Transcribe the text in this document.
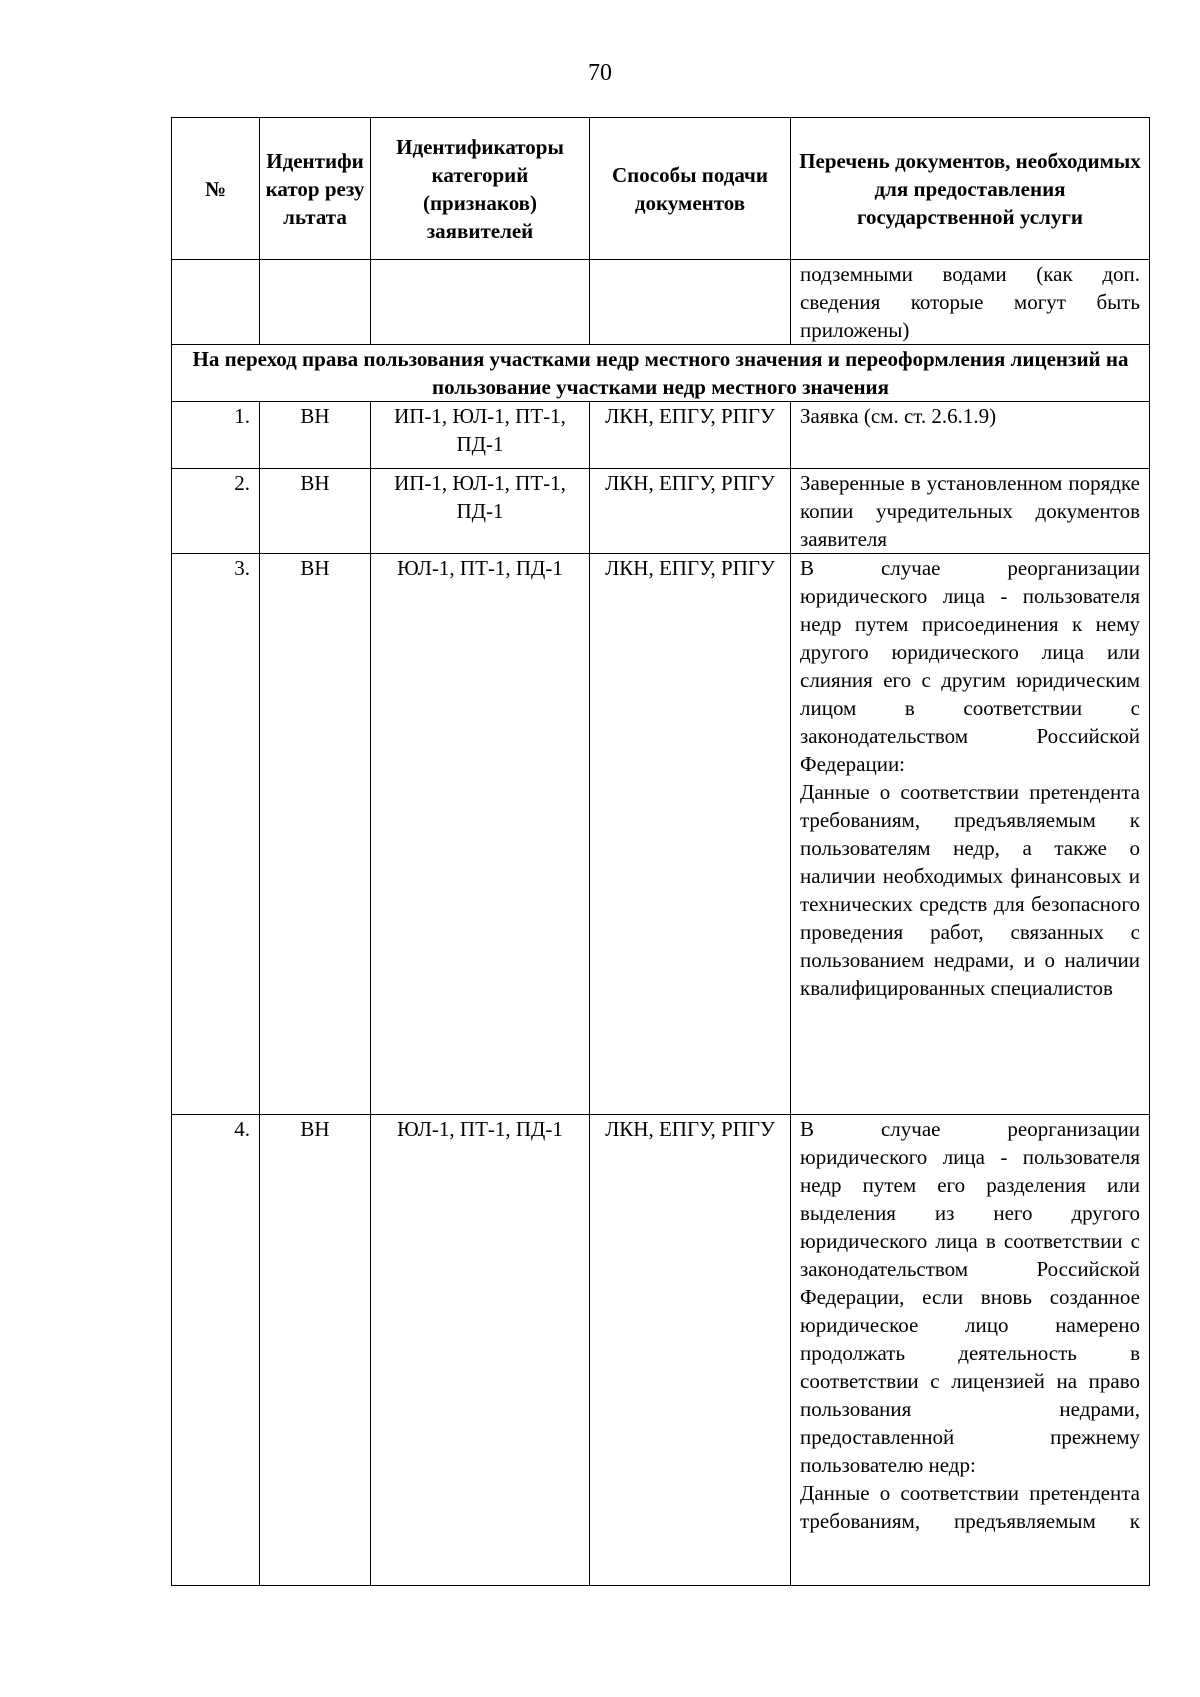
70
№	Идентификатор результата	Идентификаторы категорий (признаков) заявителей	Способы подачи документов	Перечень документов, необходимых для предоставления государственной услуги
				подземными водами (как доп. сведения которые могут быть приложены)
На переход права пользования участками недр местного значения и переоформления лицензий на пользование участками недр местного значения				
1.	ВН	ИП-1, ЮЛ-1, ПТ-1, ПД-1	ЛКН, ЕПГУ, РПГУ	Заявка (см. ст. 2.6.1.9)
2.	ВН	ИП-1, ЮЛ-1, ПТ-1, ПД-1	ЛКН, ЕПГУ, РПГУ	Заверенные в установленном порядке копии учредительных документов заявителя
3.	ВН	ЮЛ-1, ПТ-1, ПД-1	ЛКН, ЕПГУ, РПГУ	В случае реорганизации юридического лица - пользователя недр путем присоединения к нему другого юридического лица или слияния его с другим юридическим лицом в соответствии с законодательством Российской Федерации:
Данные о соответствии претендента требованиям, предъявляемым к пользователям недр, а также о наличии необходимых финансовых и технических средств для безопасного проведения работ, связанных с пользованием недрами, и о наличии квалифицированных специалистов

4.	ВН	ЮЛ-1, ПТ-1, ПД-1	ЛКН, ЕПГУ, РПГУ	В случае реорганизации юридического лица - пользователя недр путем его разделения или выделения из него другого юридического лица в соответствии с законодательством Российской Федерации, если вновь созданное юридическое лицо намерено продолжать деятельность в соответствии с лицензией на право пользования недрами, предоставленной прежнему пользователю недр:
Данные о соответствии претендента требованиям, предъявляемым к
